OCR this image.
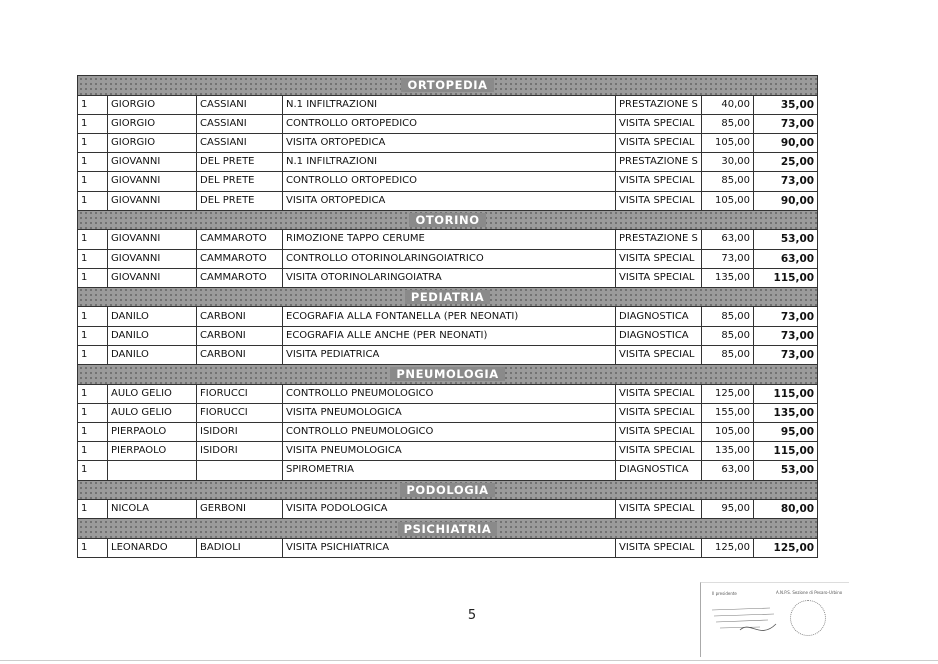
ORTOPEDIA						
1	GIORGIO	CASSIANI	N.1 INFILTRAZIONI	PRESTAZIONE S	40,00	35,00
1	GIORGIO	CASSIANI	CONTROLLO ORTOPEDICO	VISITA SPECIAL	85,00	73,00
1	GIORGIO	CASSIANI	VISITA ORTOPEDICA	VISITA SPECIAL	105,00	90,00
1	GIOVANNI	DEL PRETE	N.1 INFILTRAZIONI	PRESTAZIONE S	30,00	25,00
1	GIOVANNI	DEL PRETE	CONTROLLO ORTOPEDICO	VISITA SPECIAL	85,00	73,00
1	GIOVANNI	DEL PRETE	VISITA ORTOPEDICA	VISITA SPECIAL	105,00	90,00
OTORINO						
1	GIOVANNI	CAMMAROTO	RIMOZIONE TAPPO CERUME	PRESTAZIONE S	63,00	53,00
1	GIOVANNI	CAMMAROTO	CONTROLLO OTORINOLARINGOIATRICO	VISITA SPECIAL	73,00	63,00
1	GIOVANNI	CAMMAROTO	VISITA OTORINOLARINGOIATRA	VISITA SPECIAL	135,00	115,00
PEDIATRIA						
1	DANILO	CARBONI	ECOGRAFIA ALLA FONTANELLA (PER NEONATI)	DIAGNOSTICA	85,00	73,00
1	DANILO	CARBONI	ECOGRAFIA ALLE ANCHE (PER NEONATI)	DIAGNOSTICA	85,00	73,00
1	DANILO	CARBONI	VISITA PEDIATRICA	VISITA SPECIAL	85,00	73,00
PNEUMOLOGIA						
1	AULO GELIO	FIORUCCI	CONTROLLO PNEUMOLOGICO	VISITA SPECIAL	125,00	115,00
1	AULO GELIO	FIORUCCI	VISITA PNEUMOLOGICA	VISITA SPECIAL	155,00	135,00
1	PIERPAOLO	ISIDORI	CONTROLLO PNEUMOLOGICO	VISITA SPECIAL	105,00	95,00
1	PIERPAOLO	ISIDORI	VISITA PNEUMOLOGICA	VISITA SPECIAL	135,00	115,00
1			SPIROMETRIA	DIAGNOSTICA	63,00	53,00
PODOLOGIA						
1	NICOLA	GERBONI	VISITA PODOLOGICA	VISITA SPECIAL	95,00	80,00
PSICHIATRIA						
1	LEONARDO	BADIOLI	VISITA PSICHIATRICA	VISITA SPECIAL	125,00	125,00
5
Il presidente	A.N.P.S. Sezione di Pesaro-Urbino
